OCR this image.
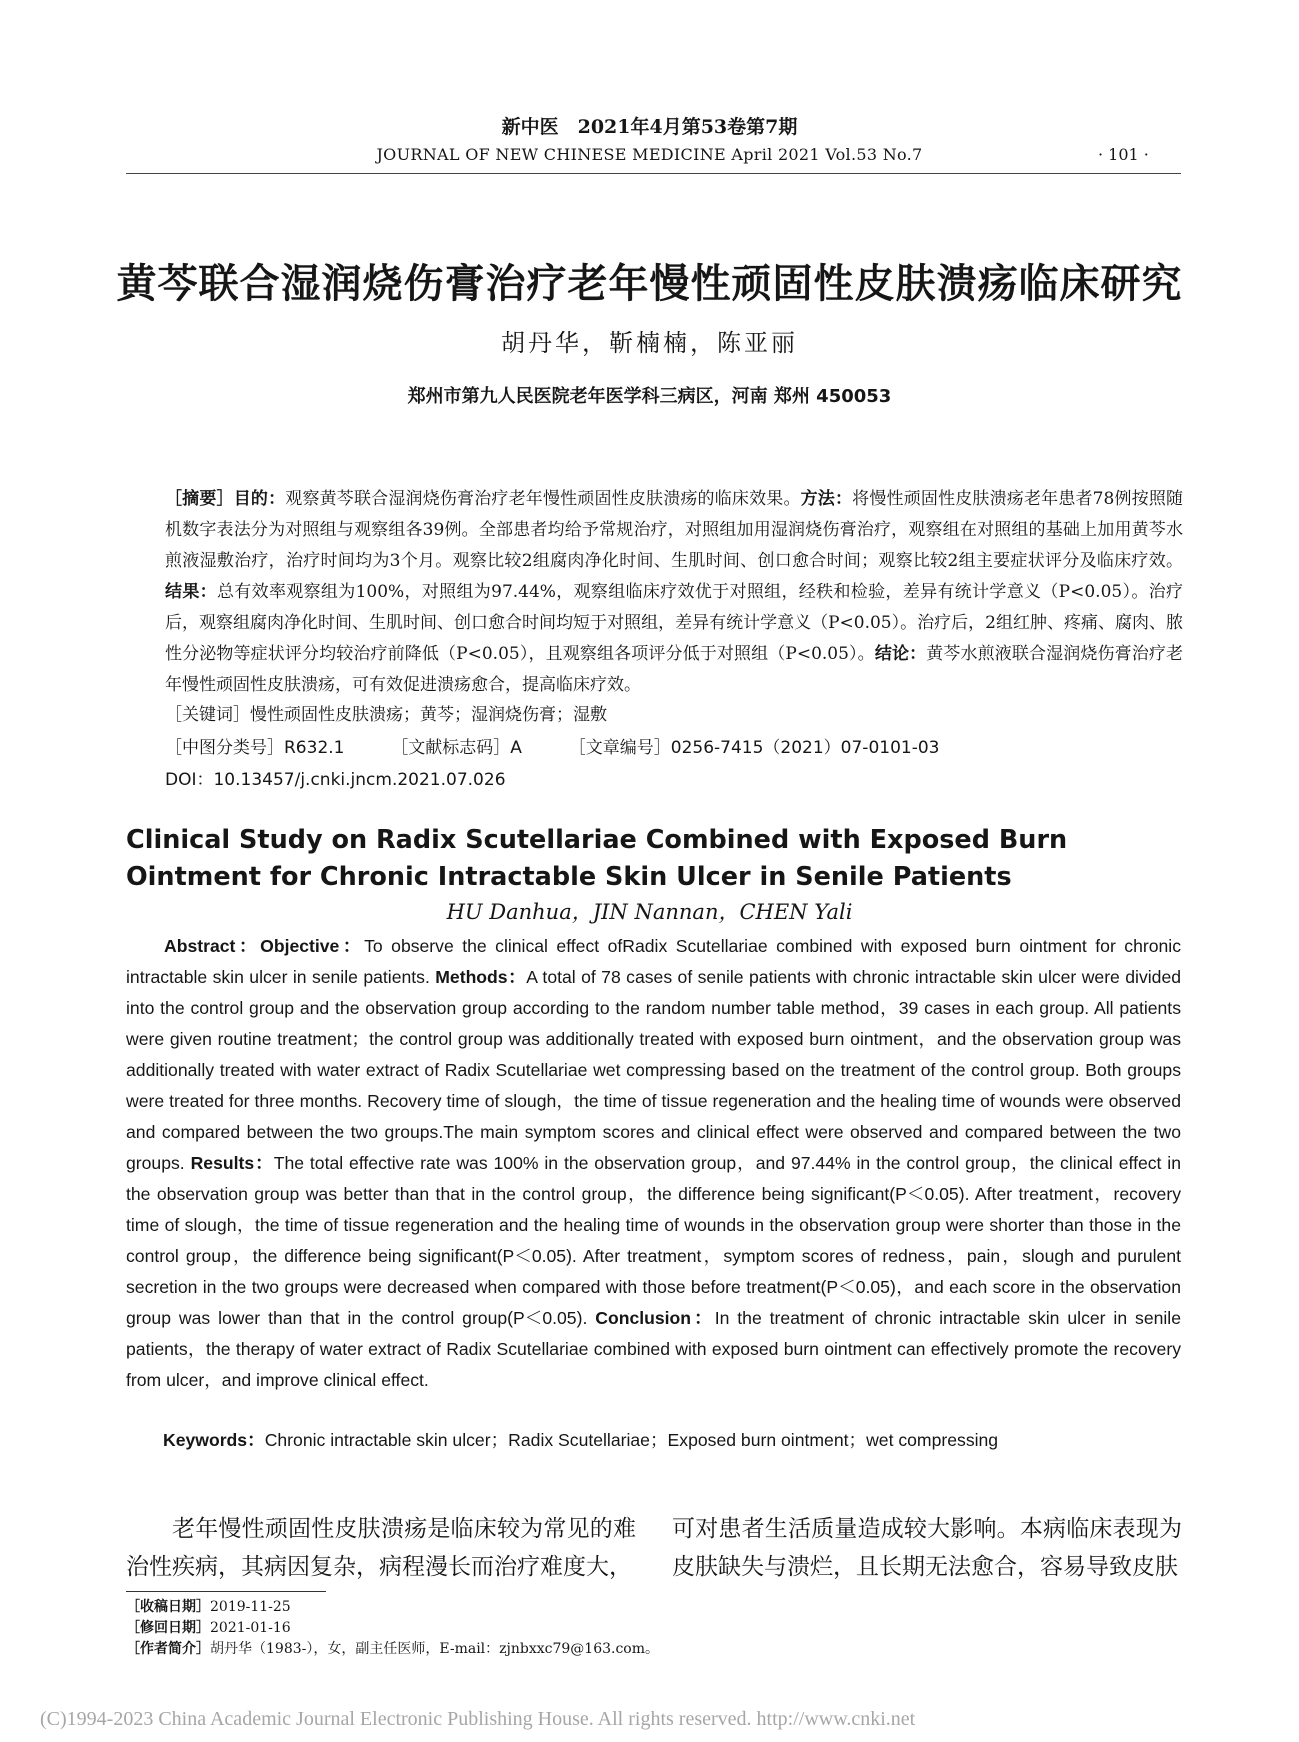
新中医　2021年4月第53卷第7期
JOURNAL OF NEW CHINESE MEDICINE April 2021 Vol.53 No.7	· 101 ·
黄芩联合湿润烧伤膏治疗老年慢性顽固性皮肤溃疡临床研究
胡丹华，靳楠楠，陈亚丽
郑州市第九人民医院老年医学科三病区，河南 郑州 450053
［摘要］目的：观察黄芩联合湿润烧伤膏治疗老年慢性顽固性皮肤溃疡的临床效果。方法：将慢性顽固性皮肤溃疡老年患者78例按照随机数字表法分为对照组与观察组各39例。全部患者均给予常规治疗，对照组加用湿润烧伤膏治疗，观察组在对照组的基础上加用黄芩水煎液湿敷治疗，治疗时间均为3个月。观察比较2组腐肉净化时间、生肌时间、创口愈合时间；观察比较2组主要症状评分及临床疗效。结果：总有效率观察组为100%，对照组为97.44%，观察组临床疗效优于对照组，经秩和检验，差异有统计学意义（P<0.05）。治疗后，观察组腐肉净化时间、生肌时间、创口愈合时间均短于对照组，差异有统计学意义（P<0.05）。治疗后，2组红肿、疼痛、腐肉、脓性分泌物等症状评分均较治疗前降低（P<0.05），且观察组各项评分低于对照组（P<0.05）。结论：黄芩水煎液联合湿润烧伤膏治疗老年慢性顽固性皮肤溃疡，可有效促进溃疡愈合，提高临床疗效。
［关键词］慢性顽固性皮肤溃疡；黄芩；湿润烧伤膏；湿敷
［中图分类号］R632.1	［文献标志码］A	［文章编号］0256-7415（2021）07-0101-03
DOI：10.13457/j.cnki.jncm.2021.07.026
Clinical Study on Radix Scutellariae Combined with Exposed Burn Ointment for Chronic Intractable Skin Ulcer in Senile Patients
HU Danhua，JIN Nannan，CHEN Yali
Abstract：Objective：To observe the clinical effect ofRadix Scutellariae combined with exposed burn ointment for chronic intractable skin ulcer in senile patients. Methods：A total of 78 cases of senile patients with chronic intractable skin ulcer were divided into the control group and the observation group according to the random number table method，39 cases in each group. All patients were given routine treatment；the control group was additionally treated with exposed burn ointment，and the observation group was additionally treated with water extract of Radix Scutellariae wet compressing based on the treatment of the control group. Both groups were treated for three months. Recovery time of slough，the time of tissue regeneration and the healing time of wounds were observed and compared between the two groups.The main symptom scores and clinical effect were observed and compared between the two groups. Results：The total effective rate was 100% in the observation group，and 97.44% in the control group，the clinical effect in the observation group was better than that in the control group，the difference being significant(P＜0.05). After treatment，recovery time of slough，the time of tissue regeneration and the healing time of wounds in the observation group were shorter than those in the control group，the difference being significant(P＜0.05). After treatment，symptom scores of redness，pain，slough and purulent secretion in the two groups were decreased when compared with those before treatment(P＜0.05)，and each score in the observation group was lower than that in the control group(P＜0.05). Conclusion：In the treatment of chronic intractable skin ulcer in senile patients，the therapy of water extract of Radix Scutellariae combined with exposed burn ointment can effectively promote the recovery from ulcer，and improve clinical effect.
Keywords：Chronic intractable skin ulcer；Radix Scutellariae；Exposed burn ointment；wet compressing
老年慢性顽固性皮肤溃疡是临床较为常见的难治性疾病，其病因复杂，病程漫长而治疗难度大，
可对患者生活质量造成较大影响。本病临床表现为皮肤缺失与溃烂，且长期无法愈合，容易导致皮肤
［收稿日期］2019-11-25
［修回日期］2021-01-16
［作者简介］胡丹华（1983-），女，副主任医师，E-mail：zjnbxxc79@163.com。
(C)1994-2023 China Academic Journal Electronic Publishing House. All rights reserved. http://www.cnki.net
